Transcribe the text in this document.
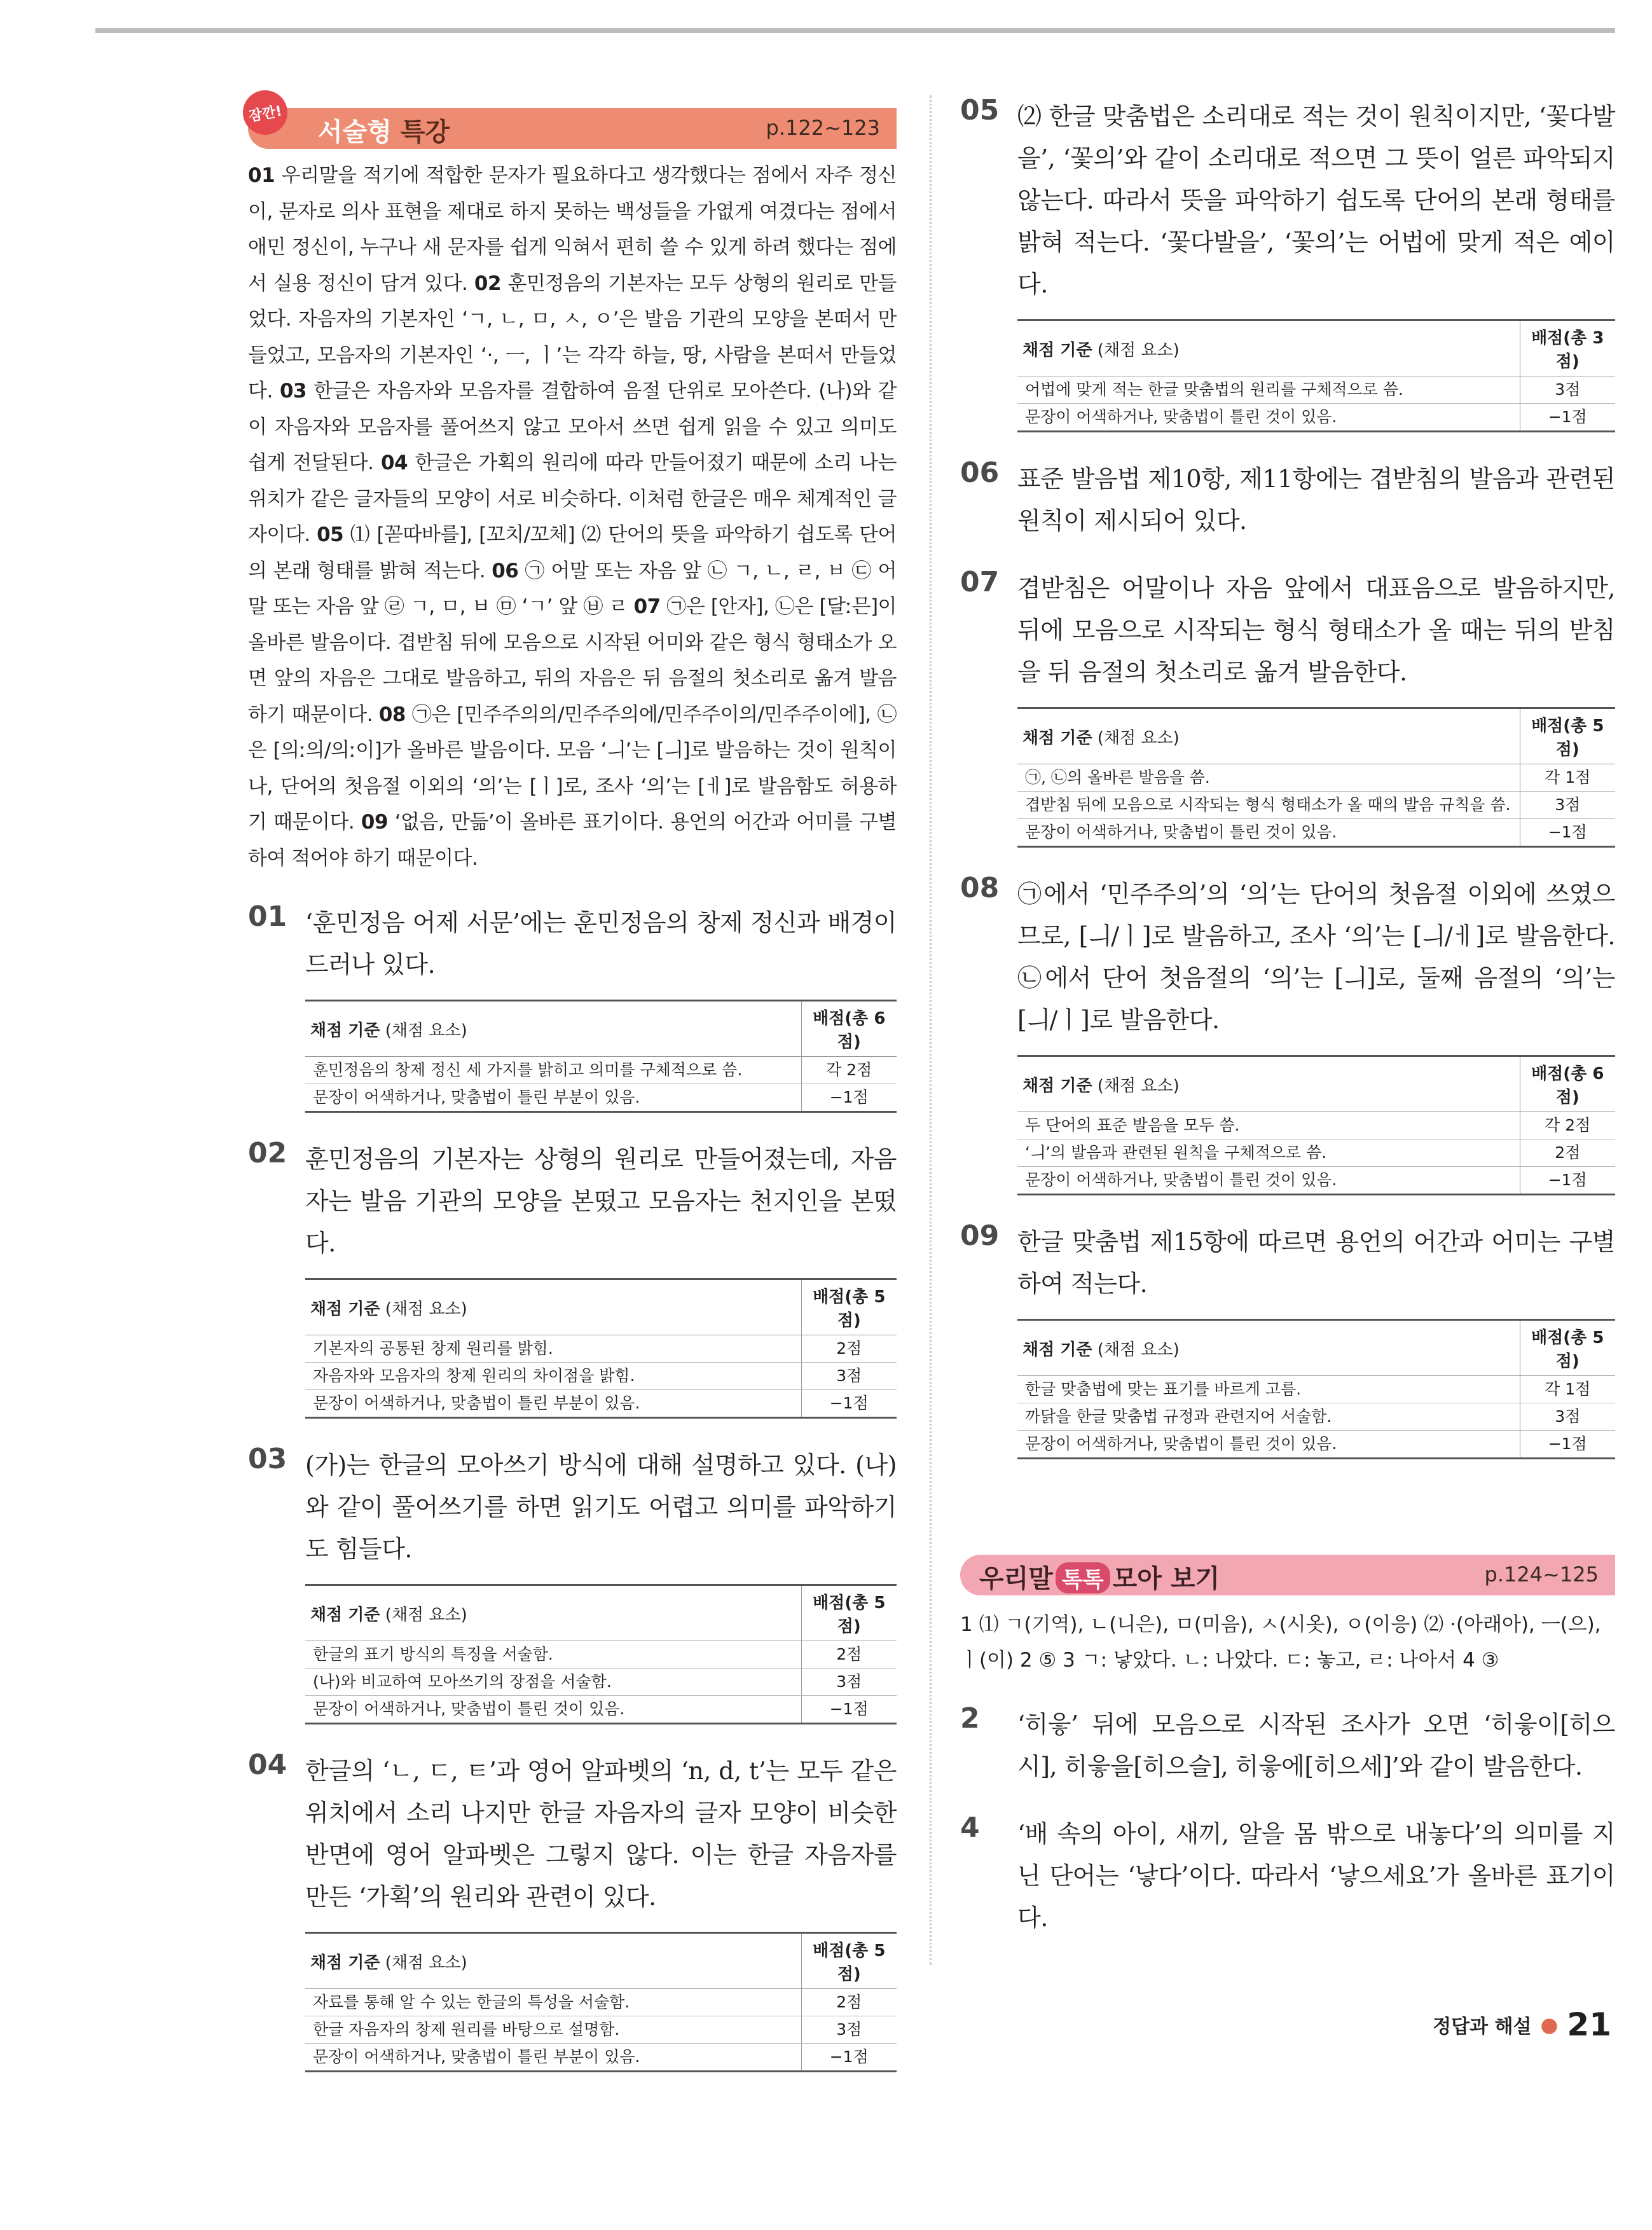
잠깐!
서술형 특강	p.122~123
01 우리말을 적기에 적합한 문자가 필요하다고 생각했다는 점에서 자주 정신이, 문자로 의사 표현을 제대로 하지 못하는 백성들을 가엾게 여겼다는 점에서 애민 정신이, 누구나 새 문자를 쉽게 익혀서 편히 쓸 수 있게 하려 했다는 점에서 실용 정신이 담겨 있다. 02 훈민정음의 기본자는 모두 상형의 원리로 만들었다. 자음자의 기본자인 ‘ㄱ, ㄴ, ㅁ, ㅅ, ㅇ’은 발음 기관의 모양을 본떠서 만들었고, 모음자의 기본자인 ‘·, ㅡ, ㅣ’는 각각 하늘, 땅, 사람을 본떠서 만들었다. 03 한글은 자음자와 모음자를 결합하여 음절 단위로 모아쓴다. (나)와 같이 자음자와 모음자를 풀어쓰지 않고 모아서 쓰면 쉽게 읽을 수 있고 의미도 쉽게 전달된다. 04 한글은 가획의 원리에 따라 만들어졌기 때문에 소리 나는 위치가 같은 글자들의 모양이 서로 비슷하다. 이처럼 한글은 매우 체계적인 글자이다. 05 ⑴ [꼳따바를], [꼬치/꼬체] ⑵ 단어의 뜻을 파악하기 쉽도록 단어의 본래 형태를 밝혀 적는다. 06 ㉠ 어말 또는 자음 앞 ㉡ ㄱ, ㄴ, ㄹ, ㅂ ㉢ 어말 또는 자음 앞 ㉣ ㄱ, ㅁ, ㅂ ㉤ ‘ㄱ’ 앞 ㉥ ㄹ 07 ㉠은 [안자], ㉡은 [달ː믄]이 올바른 발음이다. 겹받침 뒤에 모음으로 시작된 어미와 같은 형식 형태소가 오면 앞의 자음은 그대로 발음하고, 뒤의 자음은 뒤 음절의 첫소리로 옮겨 발음하기 때문이다. 08 ㉠은 [민주주의의/민주주의에/민주주이의/민주주이에], ㉡은 [의ː의/의ː이]가 올바른 발음이다. 모음 ‘ㅢ’는 [ㅢ]로 발음하는 것이 원칙이나, 단어의 첫음절 이외의 ‘의’는 [ㅣ]로, 조사 ‘의’는 [ㅔ]로 발음함도 허용하기 때문이다. 09 ‘없음, 만듦’이 올바른 표기이다. 용언의 어간과 어미를 구별하여 적어야 하기 때문이다.
01 ‘훈민정음 어제 서문’에는 훈민정음의 창제 정신과 배경이 드러나 있다.

채점 기준 (채점 요소)	배점(총 6점)
훈민정음의 창제 정신 세 가지를 밝히고 의미를 구체적으로 씀.	각 2점
문장이 어색하거나, 맞춤법이 틀린 부분이 있음.	−1점
02 훈민정음의 기본자는 상형의 원리로 만들어졌는데, 자음자는 발음 기관의 모양을 본떴고 모음자는 천지인을 본떴다.

채점 기준 (채점 요소)	배점(총 5점)
기본자의 공통된 창제 원리를 밝힘.	2점
자음자와 모음자의 창제 원리의 차이점을 밝힘.	3점
문장이 어색하거나, 맞춤법이 틀린 부분이 있음.	−1점
03 (가)는 한글의 모아쓰기 방식에 대해 설명하고 있다. (나)와 같이 풀어쓰기를 하면 읽기도 어렵고 의미를 파악하기도 힘들다.

채점 기준 (채점 요소)	배점(총 5점)
한글의 표기 방식의 특징을 서술함.	2점
(나)와 비교하여 모아쓰기의 장점을 서술함.	3점
문장이 어색하거나, 맞춤법이 틀린 것이 있음.	−1점
04 한글의 ‘ㄴ, ㄷ, ㅌ’과 영어 알파벳의 ‘n, d, t’는 모두 같은 위치에서 소리 나지만 한글 자음자의 글자 모양이 비슷한 반면에 영어 알파벳은 그렇지 않다. 이는 한글 자음자를 만든 ‘가획’의 원리와 관련이 있다.

채점 기준 (채점 요소)	배점(총 5점)
자료를 통해 알 수 있는 한글의 특성을 서술함.	2점
한글 자음자의 창제 원리를 바탕으로 설명함.	3점
문장이 어색하거나, 맞춤법이 틀린 부분이 있음.	−1점
05 ⑵ 한글 맞춤법은 소리대로 적는 것이 원칙이지만, ‘꽃다발을’, ‘꽃의’와 같이 소리대로 적으면 그 뜻이 얼른 파악되지 않는다. 따라서 뜻을 파악하기 쉽도록 단어의 본래 형태를 밝혀 적는다. ‘꽃다발을’, ‘꽃의’는 어법에 맞게 적은 예이다.

채점 기준 (채점 요소)	배점(총 3점)
어법에 맞게 적는 한글 맞춤법의 원리를 구체적으로 씀.	3점
문장이 어색하거나, 맞춤법이 틀린 것이 있음.	−1점
06 표준 발음법 제10항, 제11항에는 겹받침의 발음과 관련된 원칙이 제시되어 있다.

07 겹받침은 어말이나 자음 앞에서 대표음으로 발음하지만, 뒤에 모음으로 시작되는 형식 형태소가 올 때는 뒤의 받침을 뒤 음절의 첫소리로 옮겨 발음한다.

채점 기준 (채점 요소)	배점(총 5점)
㉠, ㉡의 올바른 발음을 씀.	각 1점
겹받침 뒤에 모음으로 시작되는 형식 형태소가 올 때의 발음 규칙을 씀.	3점
문장이 어색하거나, 맞춤법이 틀린 것이 있음.	−1점
08 ㉠에서 ‘민주주의’의 ‘의’는 단어의 첫음절 이외에 쓰였으므로, [ㅢ/ㅣ]로 발음하고, 조사 ‘의’는 [ㅢ/ㅔ]로 발음한다. ㉡에서 단어 첫음절의 ‘의’는 [ㅢ]로, 둘째 음절의 ‘의’는 [ㅢ/ㅣ]로 발음한다.

채점 기준 (채점 요소)	배점(총 6점)
두 단어의 표준 발음을 모두 씀.	각 2점
‘ㅢ’의 발음과 관련된 원칙을 구체적으로 씀.	2점
문장이 어색하거나, 맞춤법이 틀린 것이 있음.	−1점
09 한글 맞춤법 제15항에 따르면 용언의 어간과 어미는 구별하여 적는다.

채점 기준 (채점 요소)	배점(총 5점)
한글 맞춤법에 맞는 표기를 바르게 고름.	각 1점
까닭을 한글 맞춤법 규정과 관련지어 서술함.	3점
문장이 어색하거나, 맞춤법이 틀린 것이 있음.	−1점
우리말 톡톡 모아 보기	p.124~125
1 ⑴ ㄱ(기역), ㄴ(니은), ㅁ(미음), ㅅ(시옷), ㅇ(이응) ⑵ ·(아래아), ㅡ(으), ㅣ(이) 2 ⑤ 3 ㄱ: 낳았다. ㄴ: 나았다. ㄷ: 놓고, ㄹ: 나아서 4 ③
2	‘히읗’ 뒤에 모음으로 시작된 조사가 오면 ‘히읗이[히으시], 히읗을[히으슬], 히읗에[히으세]’와 같이 발음한다.

4	‘배 속의 아이, 새끼, 알을 몸 밖으로 내놓다’의 의미를 지닌 단어는 ‘낳다’이다. 따라서 ‘낳으세요’가 올바른 표기이다.

정답과 해설 ● 21
